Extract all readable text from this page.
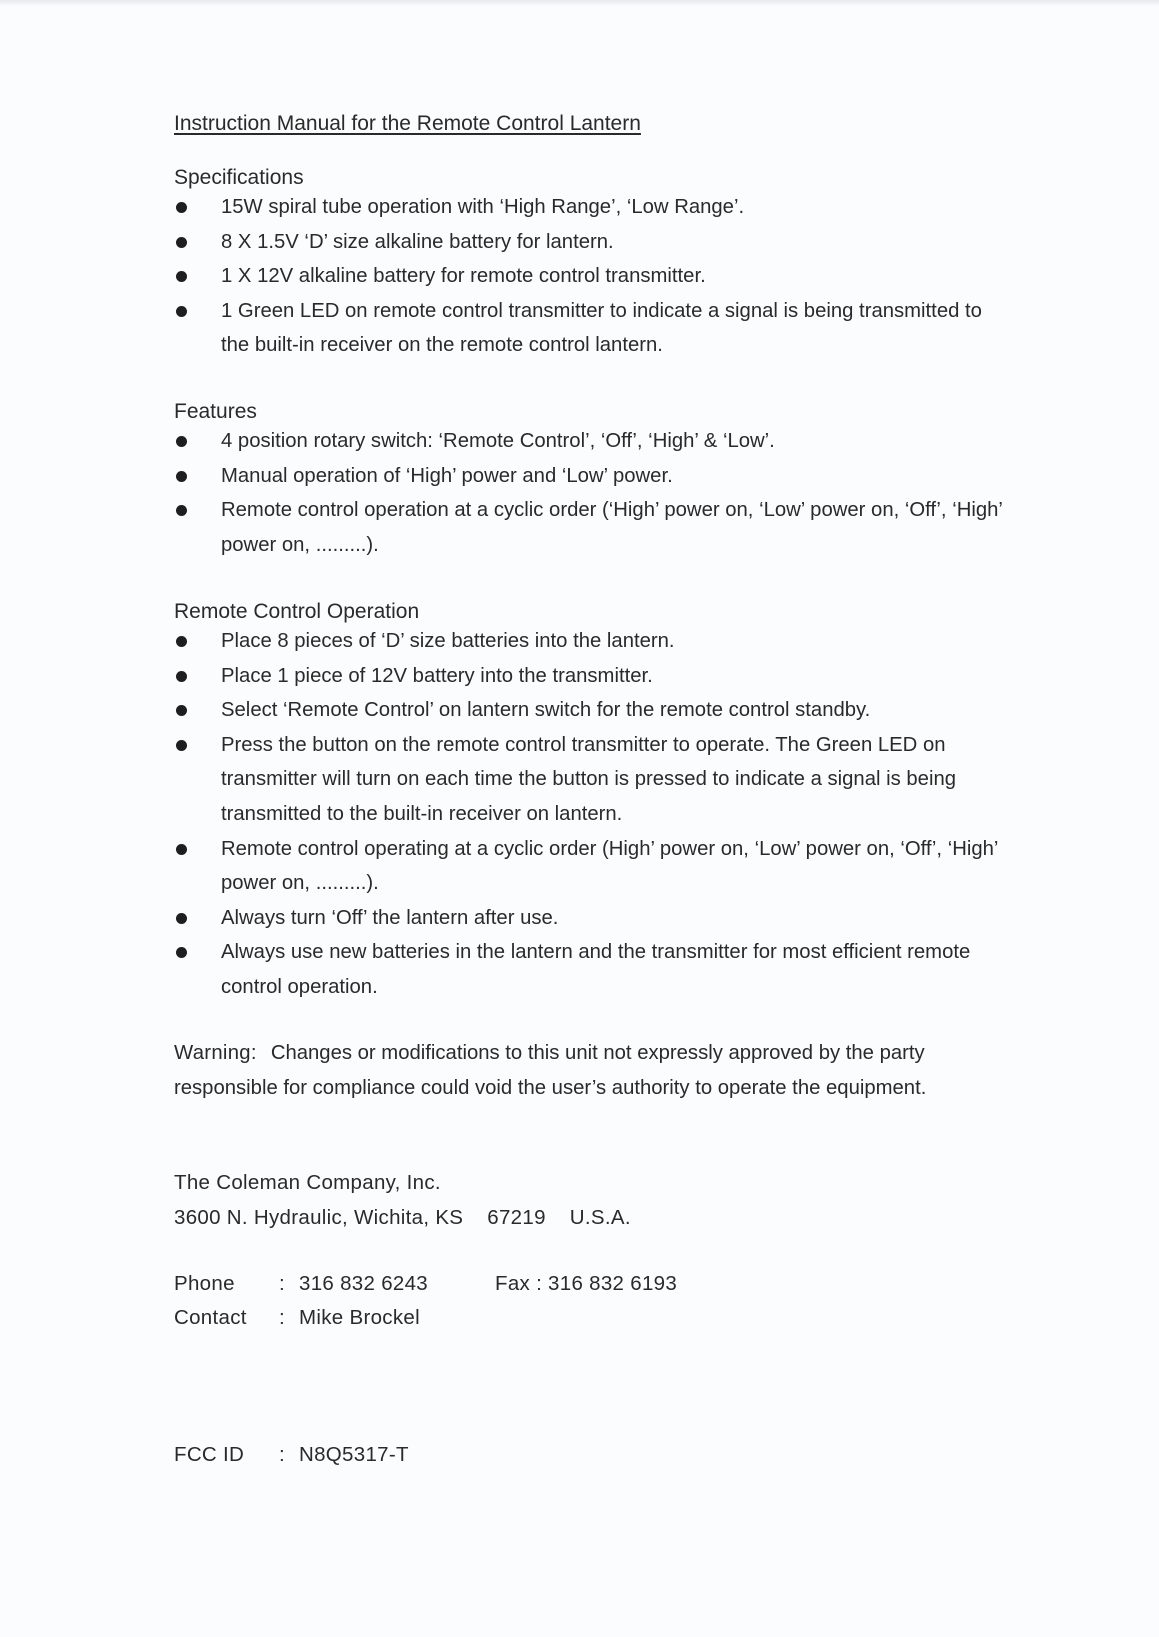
Instruction Manual for the Remote Control Lantern
Specifications
15W spiral tube operation with ‘High Range’, ‘Low Range’.
8 X 1.5V ‘D’ size alkaline battery for lantern.
1 X 12V alkaline battery for remote control transmitter.
1 Green LED on remote control transmitter to indicate a signal is being transmitted to the built-in receiver on the remote control lantern.
Features
4 position rotary switch: ‘Remote Control’, ‘Off’, ‘High’ & ‘Low’.
Manual operation of ‘High’ power and ‘Low’ power.
Remote control operation at a cyclic order (‘High’ power on, ‘Low’ power on, ‘Off’, ‘High’ power on, .........).
Remote Control Operation
Place 8 pieces of ‘D’ size batteries into the lantern.
Place 1 piece of 12V battery into the transmitter.
Select ‘Remote Control’ on lantern switch for the remote control standby.
Press the button on the remote control transmitter to operate. The Green LED on transmitter will turn on each time the button is pressed to indicate a signal is being transmitted to the built-in receiver on lantern.
Remote control operating at a cyclic order (High’ power on, ‘Low’ power on, ‘Off’, ‘High’ power on, .........).
Always turn ‘Off’ the lantern after use.
Always use new batteries in the lantern and the transmitter for most efficient remote control operation.
Warning: Changes or modifications to this unit not expressly approved by the party responsible for compliance could void the user’s authority to operate the equipment.
The Coleman Company, Inc.
3600 N. Hydraulic, Wichita, KS 67219 U.S.A.
Phone : 316 832 6243	Fax : 316 832 6193
Contact : Mike Brockel
FCC ID : N8Q5317-T
